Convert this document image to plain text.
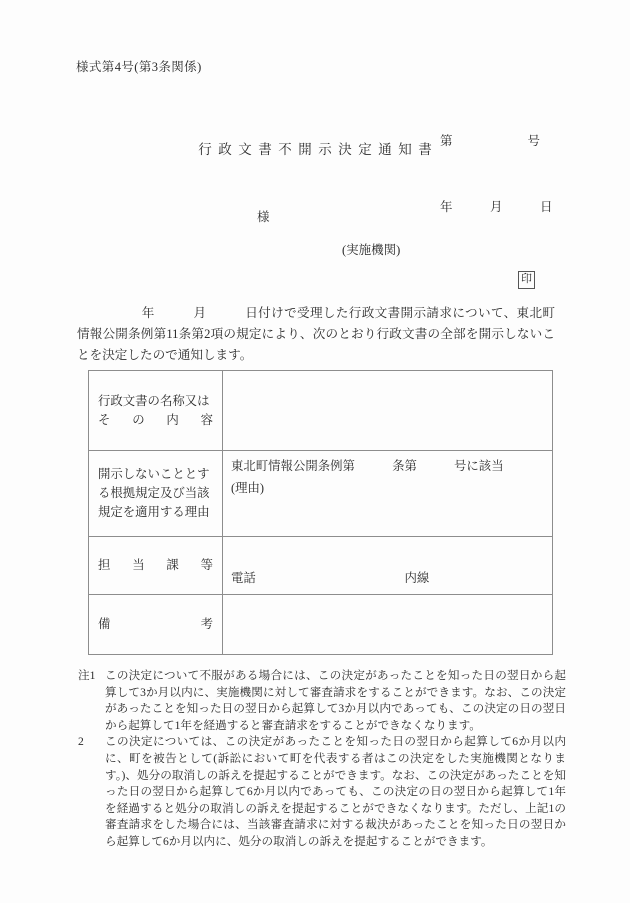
様式第4号(第3条関係)

第　　　　　　号

年　　　月　　　日

行政文書不開示決定通知書
様
(実施機関)
印
　　　　　年　　　月　　　日付けで受理した行政文書開示請求について、東北町情報公開条例第11条第2項の規定により、次のとおり行政文書の全部を開示しないことを決定したので通知します。
行政文書の名称又は
その内容	

開示しないこととす
る根拠規定及び当該
規定を適用する理由	東北町情報公開条例第　　　条第　　　号に該当
(理由)

担当課等	電話　　　　　　　　　　　　内線

備考	

注1 この決定について不服がある場合には、この決定があったことを知った日の翌日から起算して3か月以内に、実施機関に対して審査請求をすることができます。なお、この決定があったことを知った日の翌日から起算して3か月以内であっても、この決定の日の翌日から起算して1年を経過すると審査請求をすることができなくなります。
2	この決定については、この決定があったことを知った日の翌日から起算して6か月以内に、町を被告として(訴訟において町を代表する者はこの決定をした実施機関となります。)、処分の取消しの訴えを提起することができます。なお、この決定があったことを知った日の翌日から起算して6か月以内であっても、この決定の日の翌日から起算して1年を経過すると処分の取消しの訴えを提起することができなくなります。ただし、上記1の審査請求をした場合には、当該審査請求に対する裁決があったことを知った日の翌日から起算して6か月以内に、処分の取消しの訴えを提起することができます。
